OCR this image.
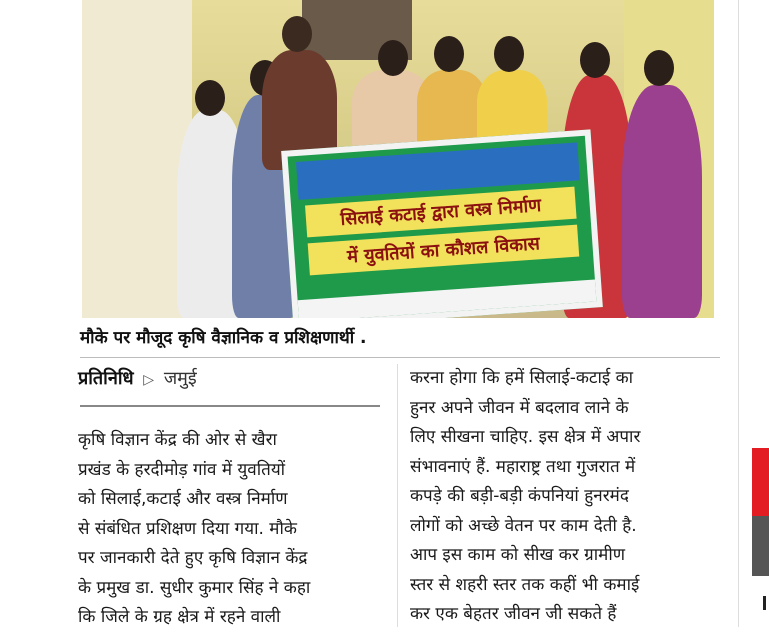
सिलाई कटाई द्वारा वस्त्र निर्माण
में युवतियों का कौशल विकास
मौके पर मौजूद कृषि वैज्ञानिक व प्रशिक्षणार्थी .
प्रतिनिधि ▷ जमुई

कृषि विज्ञान केंद्र की ओर से खैरा

प्रखंड के हरदीमोड़ गांव में युवतियों

को सिलाई,कटाई और वस्त्र निर्माण

से संबंधित प्रशिक्षण दिया गया. मौके

पर जानकारी देते हुए कृषि विज्ञान केंद्र

के प्रमुख डा. सुधीर कुमार सिंह ने कहा

कि जिले के ग्रह क्षेत्र में रहने वाली

करना होगा कि हमें सिलाई-कटाई का

हुनर अपने जीवन में बदलाव लाने के

लिए सीखना चाहिए. इस क्षेत्र में अपार

संभावनाएं हैं. महाराष्ट्र तथा गुजरात में

कपड़े की बड़ी-बड़ी कंपनियां हुनरमंद

लोगों को अच्छे वेतन पर काम देती है.

आप इस काम को सीख कर ग्रामीण

स्तर से शहरी स्तर तक कहीं भी कमाई

कर एक बेहतर जीवन जी सकते हैं
